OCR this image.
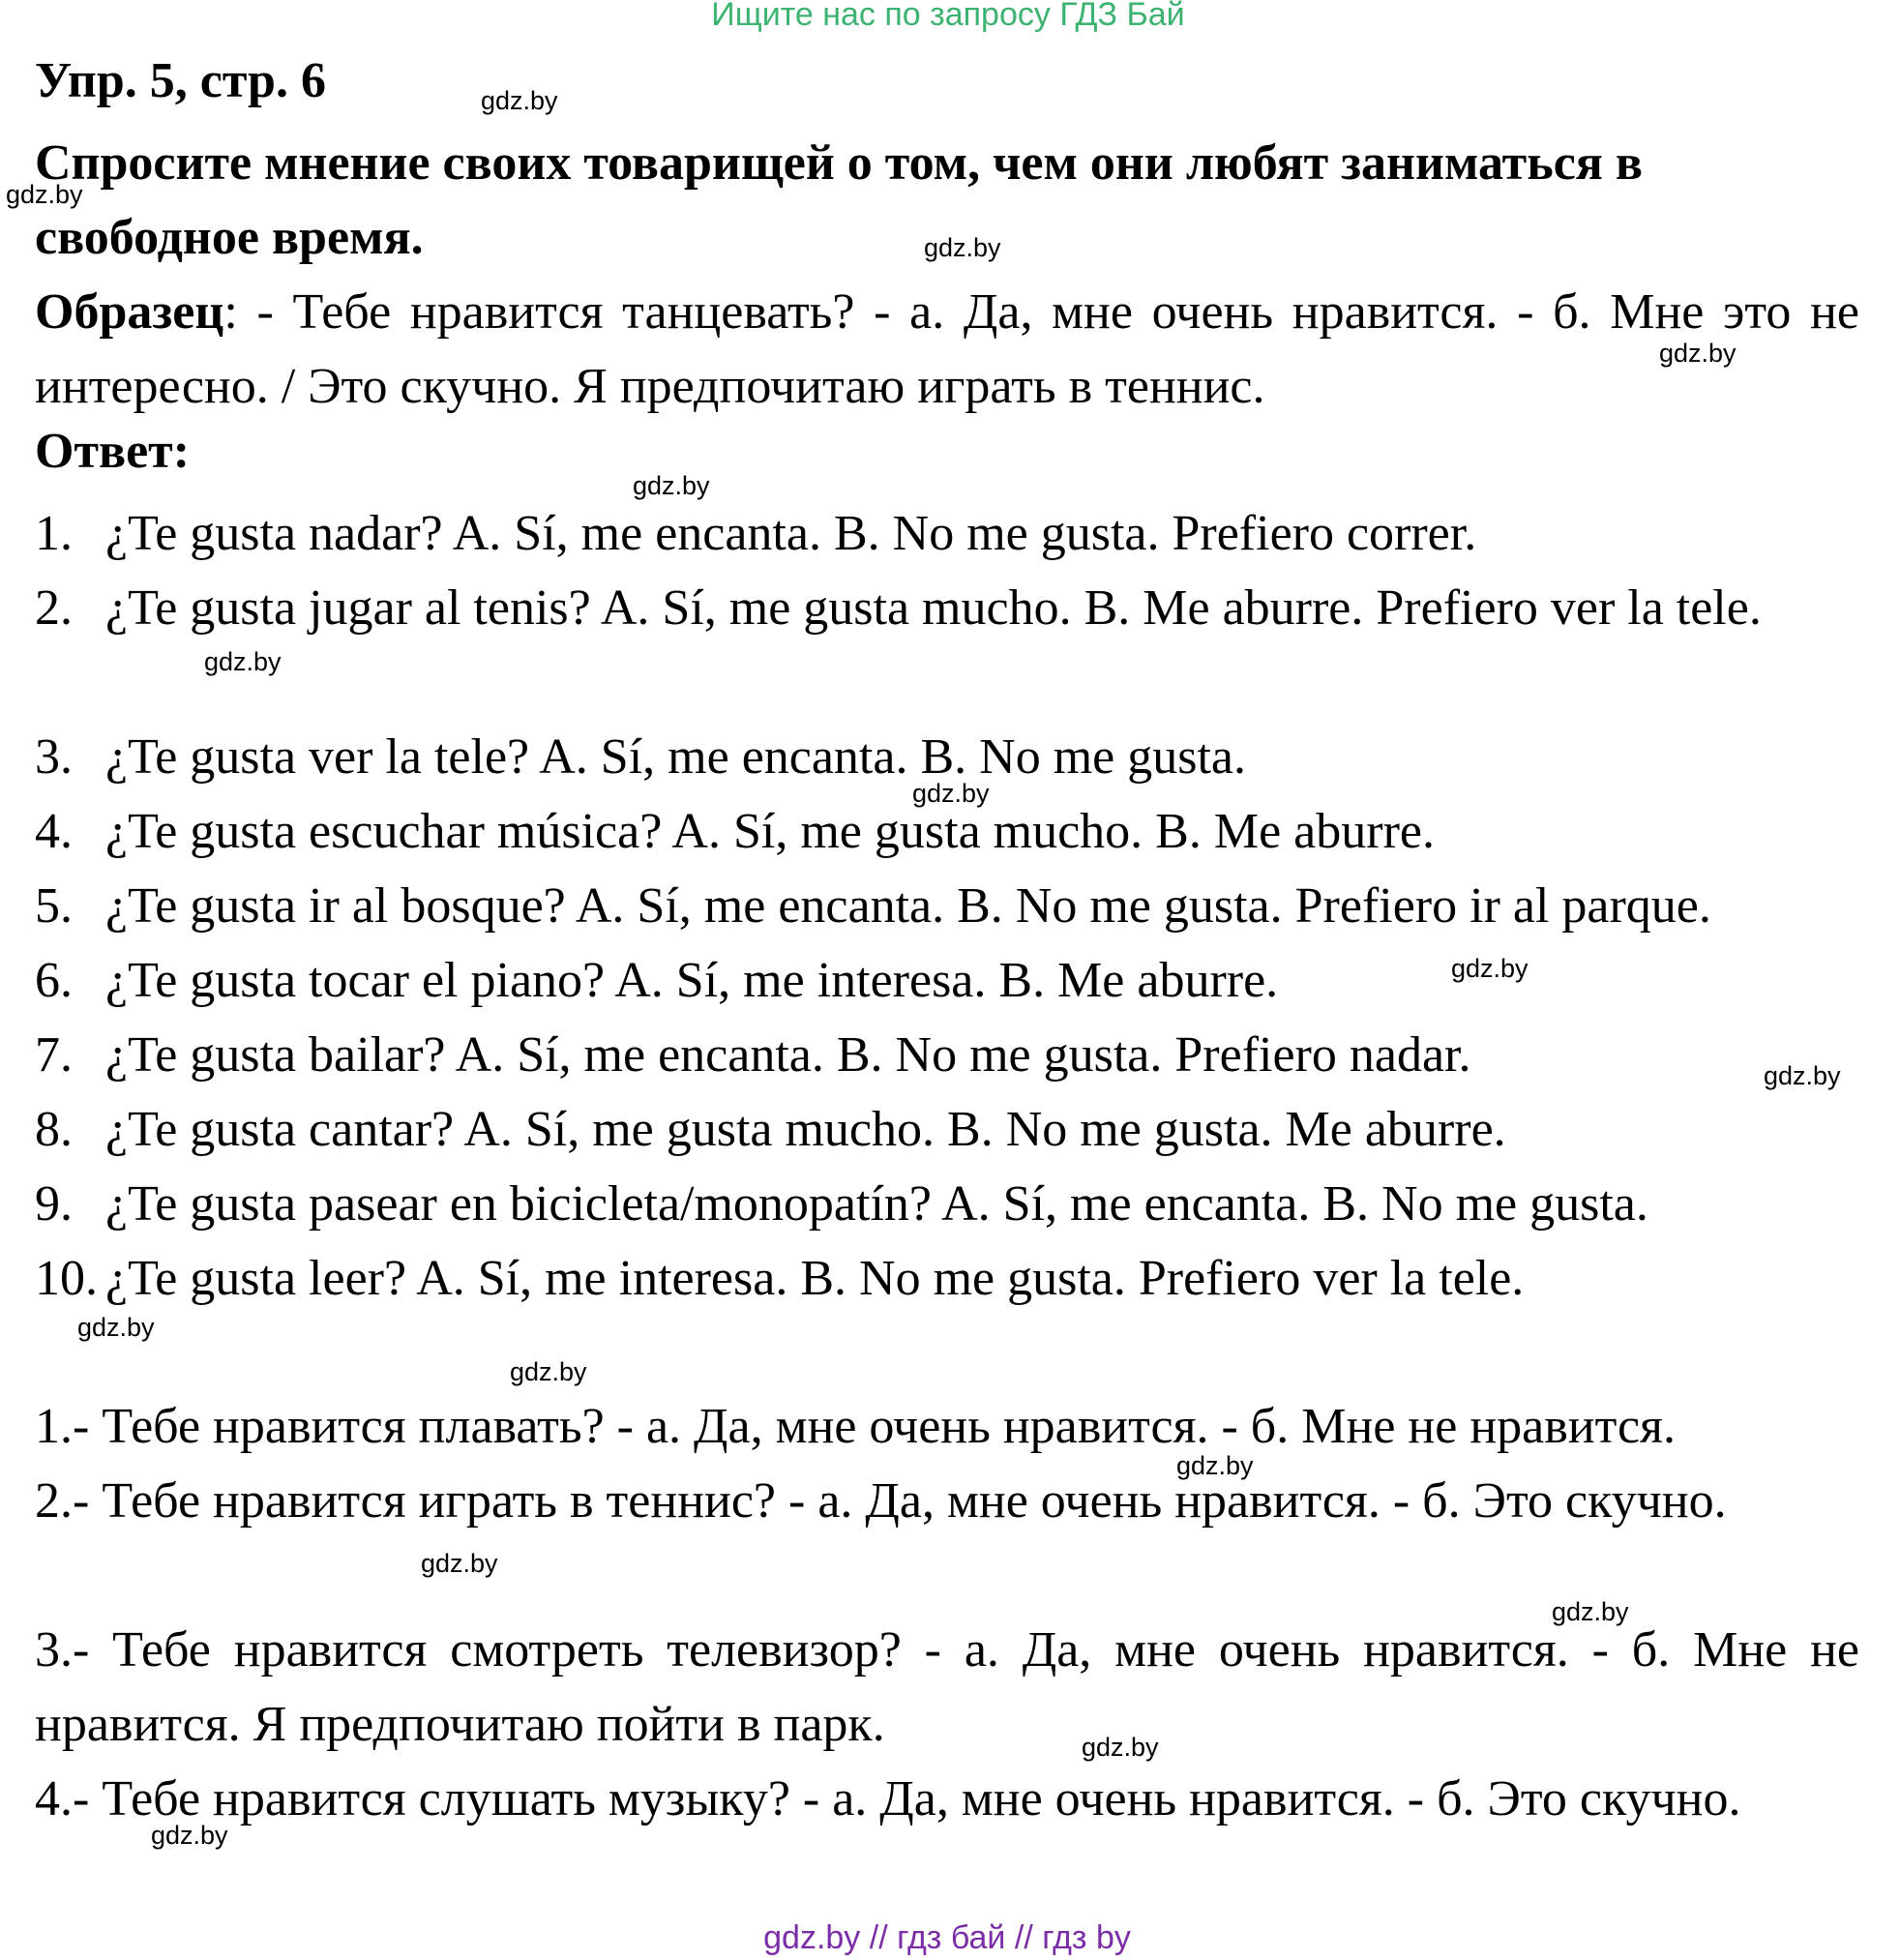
Ищите нас по запросу ГДЗ Бай
Упр. 5, стр. 6
Спросите мнение своих товарищей о том, чем они любят заниматься в свободное время.
Образец: - Тебе нравится танцевать? - а. Да, мне очень нравится. - б. Мне это не интересно. / Это скучно. Я предпочитаю играть в теннис.
Ответ:
1. ¿Te gusta nadar? A. Sí, me encanta. B. No me gusta. Prefiero correr.
2. ¿Te gusta jugar al tenis? A. Sí, me gusta mucho. B. Me aburre. Prefiero ver la tele.
3. ¿Te gusta ver la tele? A. Sí, me encanta. B. No me gusta.
4. ¿Te gusta escuchar música? A. Sí, me gusta mucho. B. Me aburre.
5. ¿Te gusta ir al bosque? A. Sí, me encanta. B. No me gusta. Prefiero ir al parque.
6. ¿Te gusta tocar el piano? A. Sí, me interesa. B. Me aburre.
7. ¿Te gusta bailar? A. Sí, me encanta. B. No me gusta. Prefiero nadar.
8. ¿Te gusta cantar? A. Sí, me gusta mucho. B. No me gusta. Me aburre.
9. ¿Te gusta pasear en bicicleta/monopatín? A. Sí, me encanta. B. No me gusta.
10. ¿Te gusta leer? A. Sí, me interesa. B. No me gusta. Prefiero ver la tele.
1.- Тебе нравится плавать? - а. Да, мне очень нравится. - б. Мне не нравится.
2.- Тебе нравится играть в теннис? - а. Да, мне очень нравится. - б. Это скучно.
3.- Тебе нравится смотреть телевизор? - а. Да, мне очень нравится. - б. Мне не нравится. Я предпочитаю пойти в парк.
4.- Тебе нравится слушать музыку? - а. Да, мне очень нравится. - б. Это скучно.
gdz.by
gdz.by
gdz.by
gdz.by
gdz.by
gdz.by
gdz.by
gdz.by
gdz.by
gdz.by
gdz.by
gdz.by
gdz.by
gdz.by
gdz.by
gdz.by
gdz.by // гдз бай // гдз by
